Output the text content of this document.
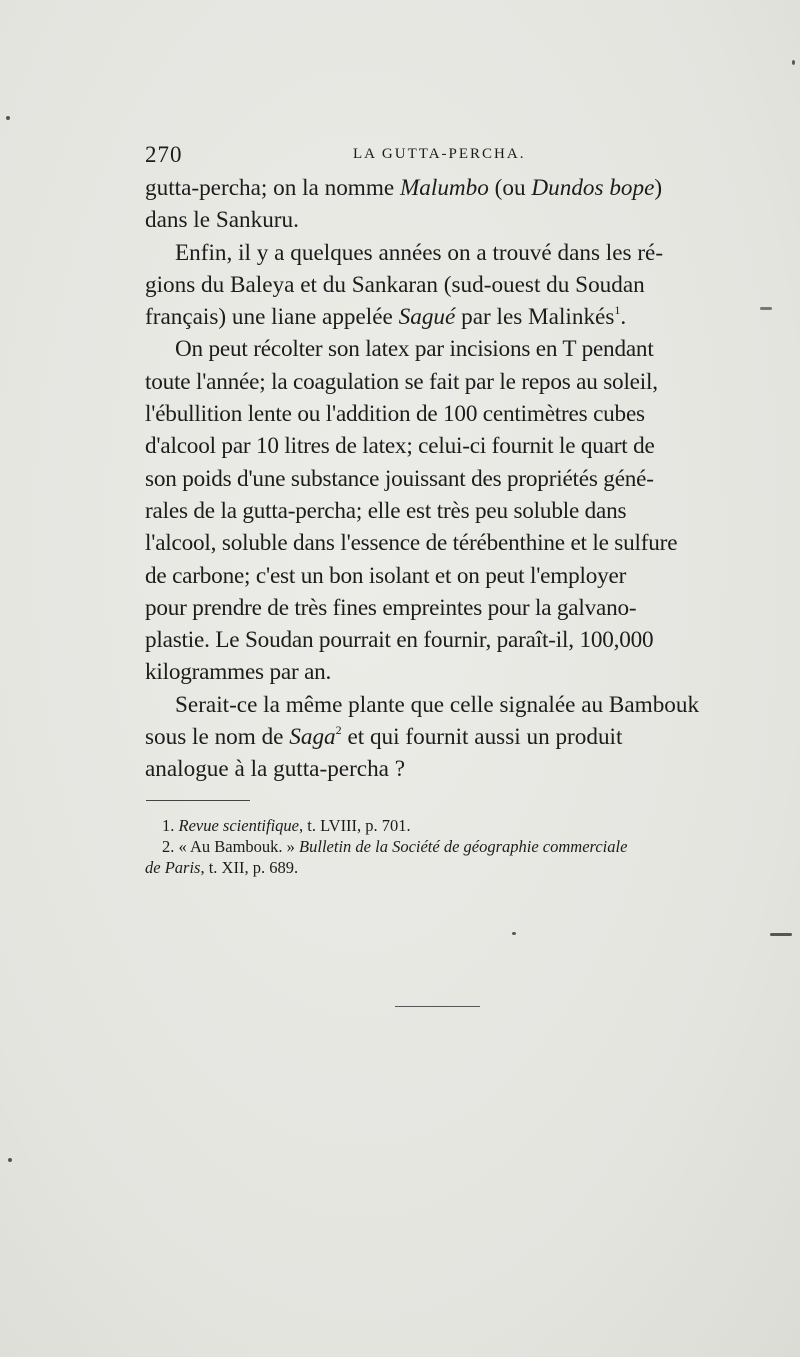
270	LA GUTTA-PERCHA.

gutta-percha; on la nomme Malumbo (ou Dundos bope)
dans le Sankuru.

Enfin, il y a quelques années on a trouvé dans les ré-
gions du Baleya et du Sankaran (sud-ouest du Soudan
français) une liane appelée Sagué par les Malinkés$^1$.

On peut récolter son latex par incisions en T pendant
toute l'année; la coagulation se fait par le repos au soleil,
l'ébullition lente ou l'addition de 100 centimètres cubes
d'alcool par 10 litres de latex; celui-ci fournit le quart de
son poids d'une substance jouissant des propriétés géné-
rales de la gutta-percha; elle est très peu soluble dans
l'alcool, soluble dans l'essence de térébenthine et le sulfure
de carbone; c'est un bon isolant et on peut l'employer
pour prendre de très fines empreintes pour la galvano-
plastie. Le Soudan pourrait en fournir, paraît-il, 100,000
kilogrammes par an.

Serait-ce la même plante que celle signalée au Bambouk
sous le nom de Saga$^2$ et qui fournit aussi un produit
analogue à la gutta-percha ?

1. Revue scientifique, t. LVIII, p. 701.
2. « Au Bambouk. » Bulletin de la Société de géographie commerciale
de Paris, t. XII, p. 689.
